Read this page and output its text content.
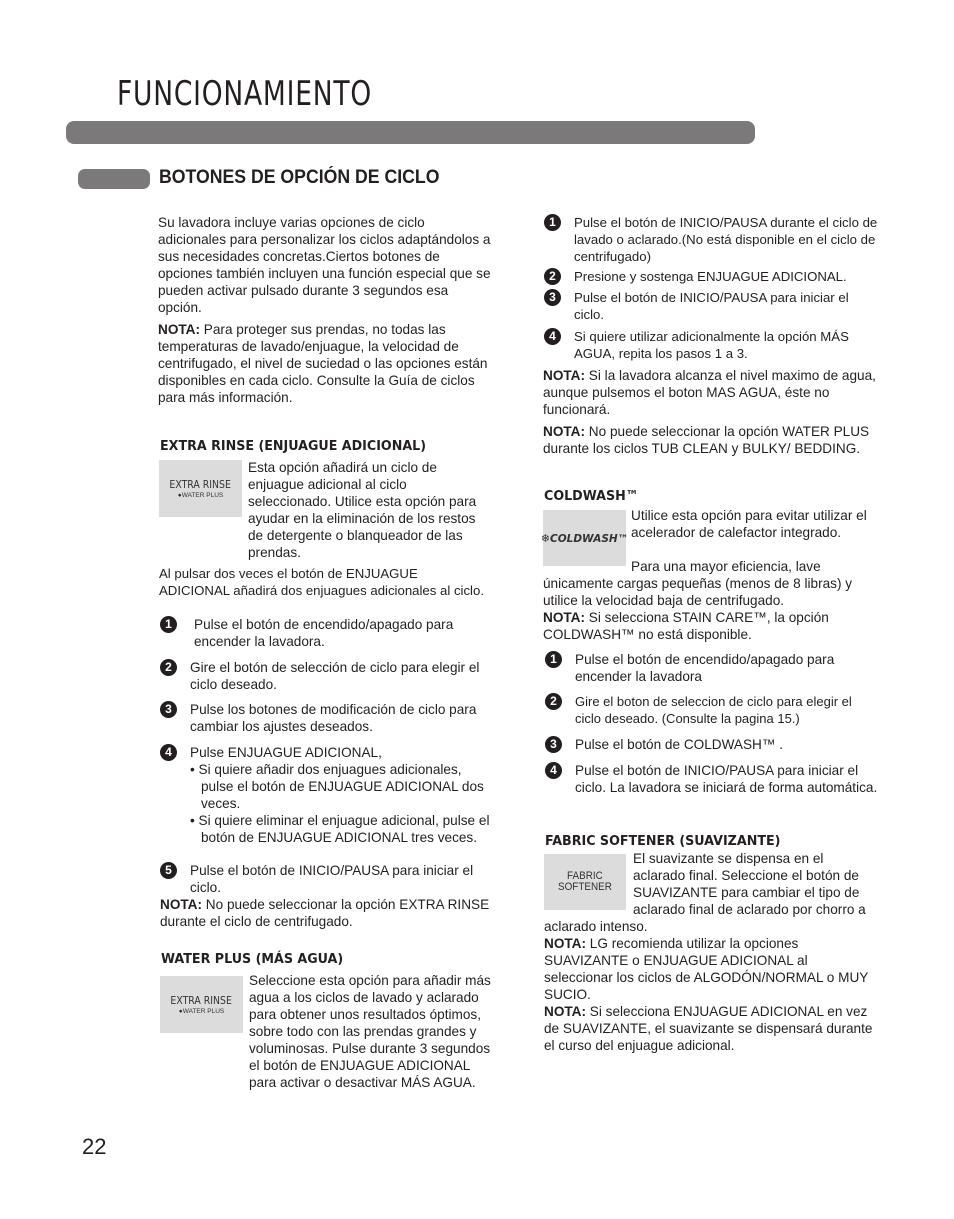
FUNCIONAMIENTO
BOTONES DE OPCIÓN DE CICLO

Su lavadora incluye varias opciones de ciclo adicionales para personalizar los ciclos adaptándolos a sus necesidades concretas.Ciertos botones de opciones también incluyen una función especial que se pueden activar pulsado durante 3 segundos esa opción.

NOTA: Para proteger sus prendas, no todas las temperaturas de lavado/enjuague, la velocidad de centrifugado, el nivel de suciedad o las opciones están disponibles en cada ciclo. Consulte la Guía de ciclos para más información.

EXTRA RINSE (ENJUAGUE ADICIONAL)
EXTRA RINSE
●WATER PLUS
Esta opción añadirá un ciclo de enjuague adicional al ciclo seleccionado. Utilice esta opción para ayudar en la eliminación de los restos de detergente o blanqueador de las prendas.
Al pulsar dos veces el botón de ENJUAGUE ADICIONAL añadirá dos enjuagues adicionales al ciclo.
1	Pulse el botón de encendido/apagado para encender la lavadora.
2	Gire el botón de selección de ciclo para elegir el ciclo deseado.
3	Pulse los botones de modificación de ciclo para cambiar los ajustes deseados.
4	Pulse ENJUAGUE ADICIONAL,
• Si quiere añadir dos enjuagues adicionales, pulse el botón de ENJUAGUE ADICIONAL dos veces.
• Si quiere eliminar el enjuague adicional, pulse el botón de ENJUAGUE ADICIONAL tres veces.
5	Pulse el botón de INICIO/PAUSA para iniciar el ciclo.
NOTA: No puede seleccionar la opción EXTRA RINSE durante el ciclo de centrifugado.
WATER PLUS (MÁS AGUA)
EXTRA RINSE
●WATER PLUS
Seleccione esta opción para añadir más agua a los ciclos de lavado y aclarado para obtener unos resultados óptimos, sobre todo con las prendas grandes y voluminosas. Pulse durante 3 segundos el botón de ENJUAGUE ADICIONAL para activar o desactivar MÁS AGUA.
22
1	Pulse el botón de INICIO/PAUSA durante el ciclo de lavado o aclarado.(No está disponible en el ciclo de centrifugado)
2	Presione y sostenga ENJUAGUE ADICIONAL.
3	Pulse el botón de INICIO/PAUSA para iniciar el ciclo.
4	Si quiere utilizar adicionalmente la opción MÁS AGUA, repita los pasos 1 a 3.

NOTA: Si la lavadora alcanza el nivel maximo de agua, aunque pulsemos el boton MAS AGUA, éste no funcionará.

NOTA: No puede seleccionar la opción WATER PLUS durante los ciclos TUB CLEAN y BULKY/ BEDDING.

COLDWASH™
❄COLDWASH™
Utilice esta opción para evitar utilizar el acelerador de calefactor integrado.
Para una mayor eficiencia, lave únicamente cargas pequeñas (menos de 8 libras) y utilice la velocidad baja de centrifugado.
NOTA: Si selecciona STAIN CARE™, la opción COLDWASH™ no está disponible.
1	Pulse el botón de encendido/apagado para encender la lavadora
2	Gire el boton de seleccion de ciclo para elegir el ciclo deseado. (Consulte la pagina 15.)
3	Pulse el botón de COLDWASH™ .
4	Pulse el botón de INICIO/PAUSA para iniciar el ciclo. La lavadora se iniciará de forma automática.
FABRIC SOFTENER (SUAVIZANTE)
FABRIC
SOFTENER
El suavizante se dispensa en el aclarado final. Seleccione el botón de SUAVIZANTE para cambiar el tipo de aclarado final de aclarado por chorro a aclarado intenso.

NOTA: LG recomienda utilizar la opciones SUAVIZANTE o ENJUAGUE ADICIONAL al seleccionar los ciclos de ALGODÓN/NORMAL o MUY SUCIO.

NOTA: Si selecciona ENJUAGUE ADICIONAL en vez de SUAVIZANTE, el suavizante se dispensará durante el curso del enjuague adicional.
